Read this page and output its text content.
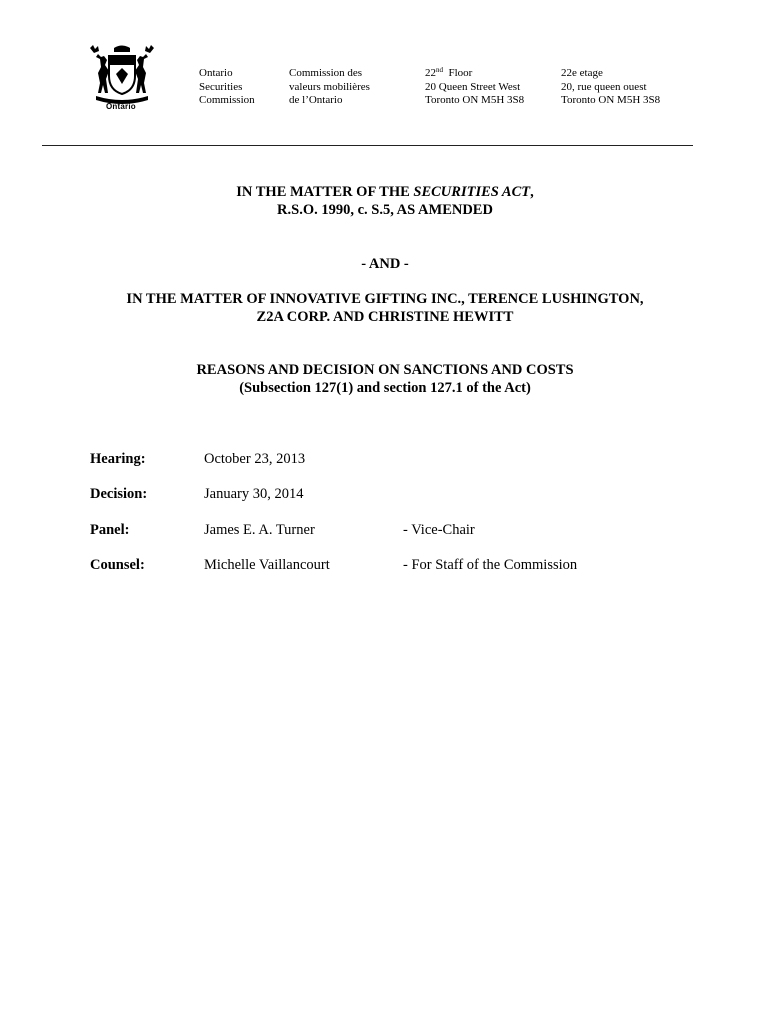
Ontario
Ontario
Securities
Commission
Commission des
valeurs mobilières
de l’Ontario
22nd Floor
20 Queen Street West
Toronto ON M5H 3S8
22e etage
20, rue queen ouest
Toronto ON M5H 3S8
IN THE MATTER OF THE SECURITIES ACT,
R.S.O. 1990, c. S.5, AS AMENDED
- AND -
IN THE MATTER OF INNOVATIVE GIFTING INC., TERENCE LUSHINGTON,
Z2A CORP. AND CHRISTINE HEWITT
REASONS AND DECISION ON SANCTIONS AND COSTS
(Subsection 127(1) and section 127.1 of the Act)
Hearing:	October 23, 2013
Decision:	January 30, 2014
Panel:	James E. A. Turner	- Vice-Chair
Counsel:	Michelle Vaillancourt	- For Staff of the Commission
